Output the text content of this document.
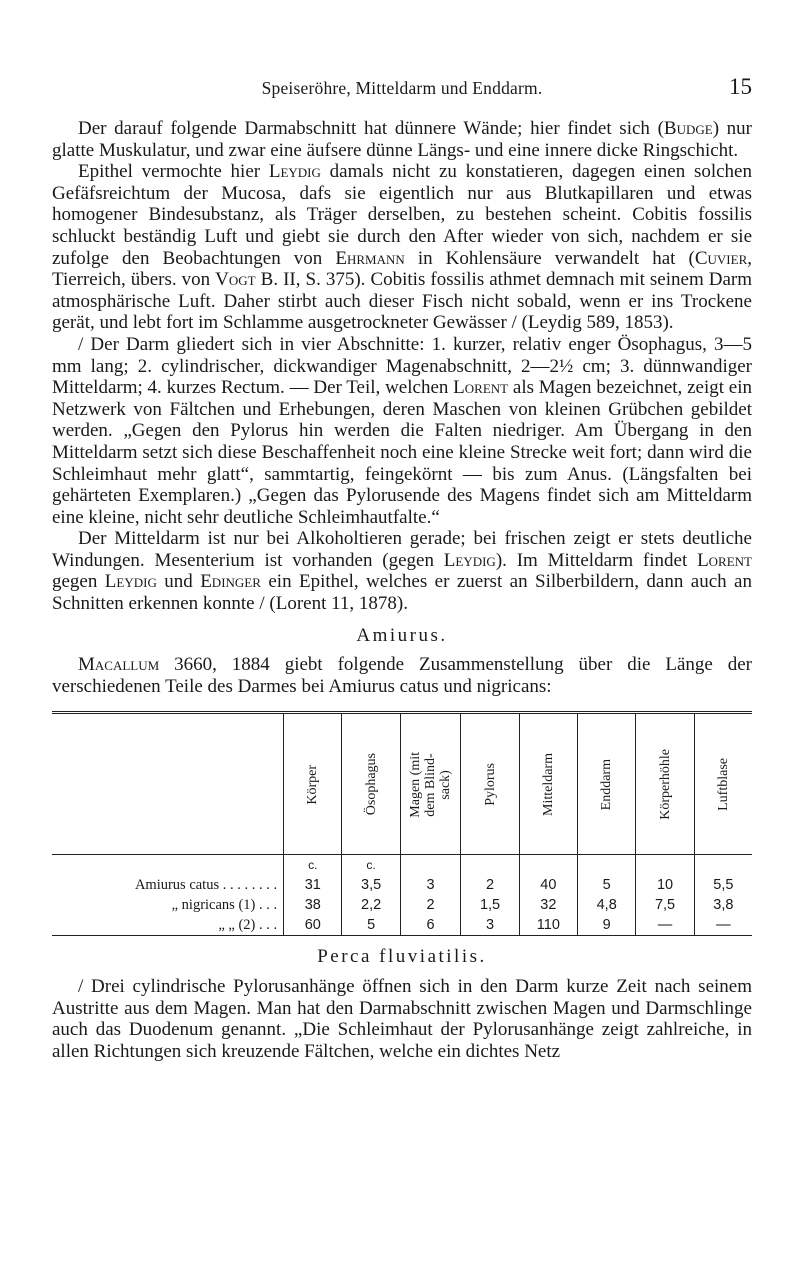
Speiseröhre, Mitteldarm und Enddarm.	15

Der darauf folgende Darmabschnitt hat dünnere Wände; hier findet sich (Budge) nur glatte Muskulatur, und zwar eine äufsere dünne Längs- und eine innere dicke Ringschicht.

Epithel vermochte hier Leydig damals nicht zu konstatieren, dagegen einen solchen Gefäfsreichtum der Mucosa, dafs sie eigentlich nur aus Blutkapillaren und etwas homogener Bindesubstanz, als Träger derselben, zu bestehen scheint. Cobitis fossilis schluckt beständig Luft und giebt sie durch den After wieder von sich, nachdem er sie zufolge den Beobachtungen von Ehrmann in Kohlensäure verwandelt hat (Cuvier, Tierreich, übers. von Vogt B. II, S. 375). Cobitis fossilis athmet demnach mit seinem Darm atmosphärische Luft. Daher stirbt auch dieser Fisch nicht sobald, wenn er ins Trockene gerät, und lebt fort im Schlamme ausgetrockneter Gewässer / (Leydig 589, 1853).

/ Der Darm gliedert sich in vier Abschnitte: 1. kurzer, relativ enger Ösophagus, 3—5 mm lang; 2. cylindrischer, dickwandiger Magenabschnitt, 2—2½ cm; 3. dünnwandiger Mitteldarm; 4. kurzes Rectum. — Der Teil, welchen Lorent als Magen bezeichnet, zeigt ein Netzwerk von Fältchen und Erhebungen, deren Maschen von kleinen Grübchen gebildet werden. „Gegen den Pylorus hin werden die Falten niedriger. Am Übergang in den Mitteldarm setzt sich diese Beschaffenheit noch eine kleine Strecke weit fort; dann wird die Schleimhaut mehr glatt“, sammtartig, feingekörnt — bis zum Anus. (Längsfalten bei gehärteten Exemplaren.) „Gegen das Pylorusende des Magens findet sich am Mitteldarm eine kleine, nicht sehr deutliche Schleimhautfalte.“

Der Mitteldarm ist nur bei Alkoholtieren gerade; bei frischen zeigt er stets deutliche Windungen. Mesenterium ist vorhanden (gegen Leydig). Im Mitteldarm findet Lorent gegen Leydig und Edinger ein Epithel, welches er zuerst an Silberbildern, dann auch an Schnitten erkennen konnte / (Lorent 11, 1878).

Amiurus.

Macallum 3660, 1884 giebt folgende Zusammenstellung über die Länge der verschiedenen Teile des Darmes bei Amiurus catus und nigricans:

	Körper	Ösophagus	Magen (mit
dem Blind-
sack)	Pylorus	Mitteldarm	Enddarm	Körperhöhle	Luftblase

	c.	c.						

Amiurus catus . . . . . . . .	31	3,5	3	2	40	5	10	5,5
„ nigricans (1) . . .	38	2,2	2	1,5	32	4,8	7,5	3,8
„ „ (2) . . .	60	5	6	3	110	9	—	—
Perca fluviatilis.

/ Drei cylindrische Pylorusanhänge öffnen sich in den Darm kurze Zeit nach seinem Austritte aus dem Magen. Man hat den Darmabschnitt zwischen Magen und Darmschlinge auch das Duodenum genannt. „Die Schleimhaut der Pylorusanhänge zeigt zahlreiche, in allen Richtungen sich kreuzende Fältchen, welche ein dichtes Netz
